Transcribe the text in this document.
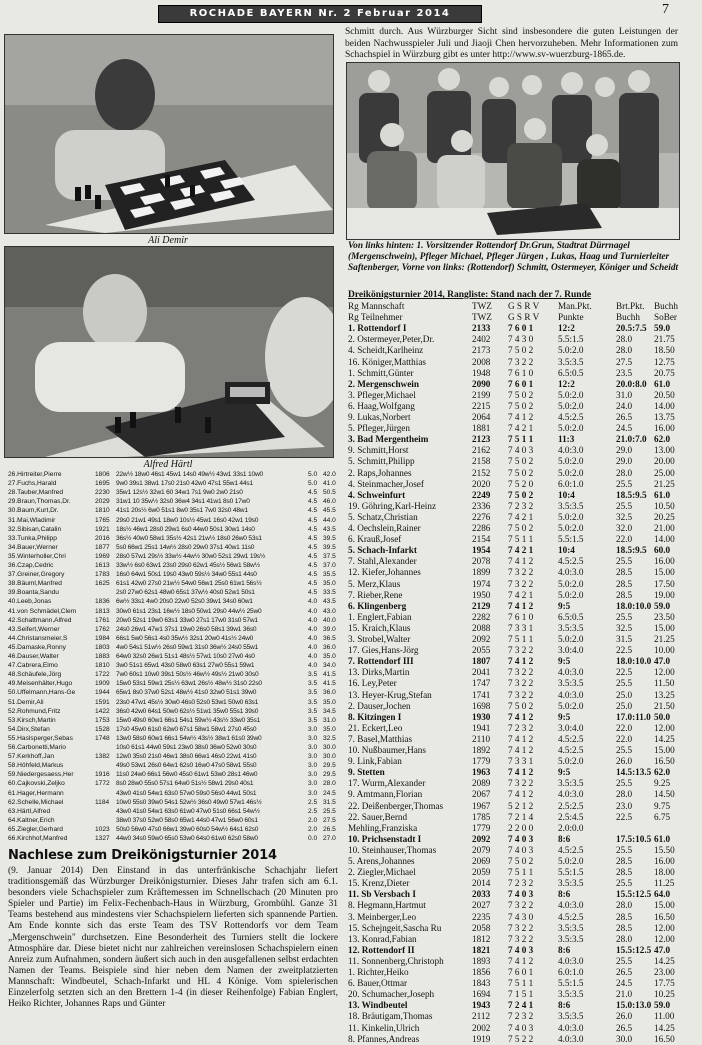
ROCHADE BAYERN Nr. 2 Februar 2014	7
Ali Demir
Alfred Härtl
Schmitt durch. Aus Würzburger Sicht sind insbesondere die guten Leistungen der beiden Nachwusspieler Juli und Jiaoji Chen hervorzuheben. Mehr Informationen zum Schachspiel in Würzburg gibt es unter http://www.sv-wuerzburg-1865.de.
Von links hinten: 1. Vorsitzender Rottendorf Dr.Grun, Stadtrat Dürrnagel (Mergenschwein), Pfleger Michael, Pfleger Jürgen , Lukas, Haag und Turnierleiter Saftenberger, Vorne von links: (Rottendorf) Schmitt, Ostermeyer, Königer und Scheidt
Dreikönigsturnier 2014, Rangliste: Stand nach der 7. Runde
Rg Mannschaft	TWZ G S R V Man.Pkt.	Brt.Pkt. Buchh
Rg Teilnehmer	TWZ G S R V Punkte	Buchh SoBer
1. Rottendorf I	2133 7 6 0 1	12:2	20.5:7.5 59.0
2. Ostermeyer,Peter,Dr.	2402 7 4 3 0	5.5:1.5	28.0 21.75
4. Scheidt,Karlheinz	2173 7 5 0 2	5.0:2.0	28.0 18.50
16. Königer,Matthias	2008 7 3 2 2	3.5:3.5	27.5 12.75
1. Schmitt,Günter	1948 7 6 1 0	6.5:0.5	23.5 20.75
2. Mergenschwein	2090 7 6 0 1	12:2	20.0:8.0 61.0
3. Pfleger,Michael	2199 7 5 0 2	5.0:2.0	31.0 20.50
6. Haag,Wolfgang	2215 7 5 0 2	5.0:2.0	24.0 14.00
9. Lukas,Norbert	2064 7 4 1 2	4.5:2.5	26.5 13.75
5. Pfleger,Jürgen	1881 7 4 2 1	5.0:2.0	24.5 16.00
3. Bad Mergentheim	2123 7 5 1 1	11:3	21.0:7.0 62.0
9. Schmitt,Horst	2162 7 4 0 3	4.0:3.0	29.0 13.00
5. Schmitt,Philipp	2158 7 5 0 2	5.0:2.0	29.0 20.00
2. Raps,Johannes	2152 7 5 0 2	5.0:2.0	28.0 25.00
4. Steinmacher,Josef	2020 7 5 2 0	6.0:1.0	25.5 21.25
4. Schweinfurt	2249 7 5 0 2	10:4	18.5:9.5 61.0
19. Göhring,Karl-Heinz	2336 7 2 3 2	3.5:3.5	25.5 10.50
5. Schatz,Christian	2276 7 4 2 1	5.0:2.0	32.5 20.25
4. Oechslein,Rainer	2286 7 5 0 2	5.0:2.0	32.0 21.00
6. Krauß,Josef	2154 7 5 1 1	5.5:1.5	22.0 14.00
5. Schach-Infarkt	1954 7 4 2 1	10:4	18.5:9.5 60.0
7. Stahl,Alexander	2078 7 4 1 2	4.5:2.5	25.5 16.00
12. Kiefer,Johannes	1899 7 3 2 2	4.0:3.0	28.5 15.00
5. Merz,Klaus	1974 7 3 2 2	5.0:2.0	28.5 17.50
7. Rieber,Rene	1950 7 4 2 1	5.0:2.0	28.5 19.00
6. Klingenberg	2129 7 4 1 2	9:5	18.0:10.0 59.0
1. Englert,Fabian	2282 7 6 1 0	6.5:0.5	25.5 23.50
15. Kraich,Klaus	2088 7 3 3 1	3.5:3.5	32.5 15.00
3. Strobel,Walter	2092 7 5 1 1	5.0:2.0	31.5 21.25
17. Gies,Hans-Jörg	2055 7 3 2 2	3.0:4.0	22.5 10.00
7. Rottendorf III	1807 7 4 1 2	9:5	18.0:10.0 47.0
13. Dirks,Martin	2041 7 3 2 2	4.0:3.0	22.5 12.00
16. Ley,Peter	1747 7 3 2 2	3.5:3.5	25.5 11.50
13. Heyer-Krug,Stefan	1741 7 3 2 2	4.0:3.0	25.0 13.25
2. Dauser,Jochen	1698 7 5 0 2	5.0:2.0	25.0 21.50
8. Kitzingen I	1930 7 4 1 2	9:5	17.0:11.0 50.0
21. Eckert,Leo	1941 7 2 3 2	3.0:4.0	22.0 12.00
7. Basel,Matthias	2110 7 4 1 2	4.5:2.5	22.0 14.25
10. Nußbaumer,Hans	1892 7 4 1 2	4.5:2.5	25.5 15.00
9. Link,Fabian	1779 7 3 3 1	5.0:2.0	26.0 16.50
9. Stetten	1963 7 4 1 2	9:5	14.5:13.5 62.0
17. Wurm,Alexander	2089 7 3 2 2	3.5:3.5	25.5 9.25
9. Amtmann,Florian	2067 7 4 1 2	4.0:3.0	28.0 14.50
22. Deißenberger,Thomas	1967 5 2 1 2	2.5:2.5	23.0 9.75
22. Sauer,Bernd	1785 7 2 1 4	2.5:4.5	22.5 6.75
Mehling,Franziska	1779 2 2 0 0	2.0:0.0
10. Prichsenstadt I	2092 7 4 0 3	8:6	17.5:10.5 61.0
10. Steinhauser,Thomas	2079 7 4 0 3	4.5:2.5	25.5 15.50
5. Arens,Johannes	2069 7 5 0 2	5.0:2.0	28.5 16.00
2. Ziegler,Michael	2059 7 5 1 1	5.5:1.5	28.5 18.00
15. Krenz,Dieter	2014 7 2 3 2	3.5:3.5	25.5 11.25
11. Sb Versbach I	2033 7 4 0 3	8:6	15.5:12.5 64.0
8. Hegmann,Hartmut	2027 7 3 2 2	4.0:3.0	28.0 15.00
3. Meinberger,Leo	2235 7 4 3 0	4.5:2.5	28.5 16.50
15. Schejngeit,Sascha Ru	2058 7 3 2 2	3.5:3.5	28.5 12.00
13. Konrad,Fabian	1812 7 3 2 2	3.5:3.5	28.0 12.00
12. Rottendorf II	1821 7 4 0 3	8:6	15.5:12.5 47.0
11. Sonnenberg,Christoph	1893 7 4 1 2	4.0:3.0	25.5 14.25
1. Richter,Heiko	1856 7 6 0 1	6.0:1.0	26.5 23.00
6. Bauer,Ottmar	1843 7 5 1 1	5.5:1.5	24.5 17.75
20. Schumacher,Joseph	1694 7 1 5 1	3.5:3.5	21.0 10.25
13. Windbeutel	1943 7 2 4 1	8:6	15.0:13.0 59.0
18. Bräutigam,Thomas	2112 7 2 3 2	3.5:3.5	26.0 11.00
11. Kinkelin,Ulrich	2002 7 4 0 3	4.0:3.0	26.5 14.25
8. Pfannes,Andreas	1919 7 5 2 2	4.0:3.0	30.0 16.50
26.Hirtreiter,Pierre	1806 22w½ 18w0 46s1 45w1 14s0 49w½ 43w1 33s1 10w0	5.0 42.0
27.Fuchs,Harald	1695 9w0 39s1 38w1 17s0 21s0 42w0 47s1 55w1 44s1	5.0 41.0
28.Tauber,Manfred	2230 35w1 12s½ 32w1 60 34w1 7s1 9w0 2w0 21s0	4.5 50.5
29.Braun,Thomas,Dr.	2029 31w1 10 35w½ 32s0 36w4 34s1 41w1 8s0 17w0	4.5 46.0
30.Baum,Kurt,Dr.	1810 41s1 20s½ 6w0 51s1 8w0 35s1 7w0 32s0 48w1	4.5 45.5
31.Mai,Wladimir	1765 29s0 21w1 49s1 18w0 10s½ 45w1 16s0 42w1 19s0	4.5 44.0
32.Sibisan,Catalin	1921 18s½ 46w1 28s0 29w1 6s0 44w0 50s1 30w1 14s0	4.5 43.5
33.Tunka,Philipp	2016 36s½ 40w0 58w1 35s½ 42s1 21w½ 18s0 26w0 53s1	4.5 39.5
34.Bauer,Werner	1877 5s0 66w1 25s1 14w½ 28s0 29w0 37s1 40w1 11s0	4.5 39.5
35.Winterholler,Chri	1969 28s0 57w1 29s½ 33w½ 44w½ 30w0 52s1 29w1 19s½	4.5 37.5
36.Czap,Cedric	1613 33w½ 6s0 63w1 23s0 29s0 62w1 45s½ 56w1 58w½	4.5 37.0
37.Greiner,Gregory	1783 16s0 64w1 50s1 19s0 43w0 59s½ 34w0 55s1 44s0	4.5 35.5
38.Bäuml,Manfred	1625 61s1 42w0 27s0 21w½ 54w0 56w1 25s0 61w1 56s½	4.5 35.0
39.Boanta,Sandu	2s0 27w0 62s1 48w0 65s1 37w½ 40s0 52w1 50s1	4.5 33.5
40.Leeb,Jonas	1836 6w½ 33s1 4w0 20s0 22w0 52s0 39w1 34s0 60w1	4.0 43.5
41.von Schmädel,Clem	1813 30w0 61s1 23s1 16w½ 18s0 50w1 29s0 44w½ 25w0	4.0 43.0
42.Schattmann,Alfred	1761 20w0 52s1 19w0 63s1 33w0 27s1 17w0 31s0 57w1	4.0 40.0
43.Seifert,Werner	1762 24s0 26w1 47w1 37s1 19w0 26s0 58s1 39w1 36s0	4.0 39.0
44.Christansmeier,S	1984 66s1 5w0 56s1 4s0 35w½ 32s1 20w0 41s½ 24w0	4.0 36.5
45.Damaske,Ronny	1803 4w0 54s1 51w½ 26s0 59w1 31s0 36w½ 24s0 55w1	4.0 36.0
46.Dauser,Walter	1883 64w0 32s0 26w1 51s1 48s½ 57w1 10s0 27w0 4s0	4.0 35.0
47.Cabrera,Elmo	1810 3w0 51s1 65w1 43s0 58w0 63s1 27w0 55s1 59w1	4.0 34.0
48.Schäufele,Jörg	1722 7w0 60s1 10w0 39s1 50s½ 46w½ 49s½ 21w0 30s0	3.5 41.5
49.Meisenhälter,Hugo	1909 15w0 53s1 59w1 25s½ 63w1 26s½ 48w½ 31s0 22s0	3.5 41.5
50.Uffelmann,Hans-Ge	1944 65w1 8s0 37w0 52s1 48w½ 41s0 32w0 51s1 39w0	3.5 36.0
51.Demir,Ali	1591 23s0 47w1 45s½ 30w0 46s0 52s0 53w1 50w0 63s1	3.5 35.0
52.Rohmund,Fritz	1422 36s0 42w0 64s1 50w0 62s½ 51w1 35w0 55s1 39s0	3.5 34.5
53.Kirsch,Martin	1753 15w0 49s0 60w1 66s1 54s1 59w½ 43s½ 33w0 35s1	3.5 31.0
54.Dirx,Stefan	1528 17s0 45w0 61s0 62w0 67s1 58w1 58w1 27s0 45s0	3.0 35.0
55.Haslsperger,Sebas	1748 13w0 58s0 60w1 66s1 54w½ 43s½ 38w1 61s0 39w0	3.0 32.5
56.Carbonetti,Mario	10s0 61s1 44w0 59s1 23w0 38s0 36w0 52w0 30s0	3.0 30.0
57.Kerkhoff,Jan	1382 12w0 35s0 21s0 46w1 38s0 66w1 46s0 22w1 41s0	3.0 30.0
58.Höhfeld,Markus	49s0 53w1 26s0 64w1 62s0 16w0 47s0 58w1 55s0	3.0 29.5
59.Niedergesaess,Her	1916 11s0 24w0 66s1 56w0 45s0 61w1 53w0 28s1 46w0	3.0 29.5
60.Cajkovski,Zeljko	1772 8s0 28w0 55s0 57s1 64w0 51s½ 58w1 29s0 40s1	3.0 28.0
61.Hager,Hermann	43w0 41s0 54w1 63s0 57w0 59s0 56s0 44w1 50s1	3.0 24.5
62.Schelle,Michael	1184 10w0 55s0 39w0 54s1 52w½ 36s0 49w0 57w1 46s½	2.5 31.5
63.Härtl,Alfred	43w0 41s0 54w1 63s0 61w0 47w0 51s0 66s1 54w½	2.5 25.5
64.Kaltner,Erich	38w0 37s0 52w0 58s0 65w1 44s0 47w1 56w0 60s1	2.0 27.5
65.Ziegler,Gerhard	1023 50s0 56w0 47s0 66w1 39w0 60s0 54w½ 64s1 62s0	2.0 26.5
66.Kirchhof,Manfred	1327 44w0 34s0 59w0 65s0 53w0 64s0 61w0 62s0 58w0	0.0 27.0
Nachlese zum Dreikönigsturnier 2014
(9. Januar 2014) Den Einstand in das unterfränkische Schachjahr liefert traditionsgemäß das Würzburger Dreikönigsturnier. Dieses Jahr trafen sich am 6.1. besonders viele Schachspieler zum Kräftemessen im Schnellschach (20 Minuten pro Spieler und Partie) im Felix-Fechenbach-Haus in Würzburg, Grombühl. Ganze 31 Teams bestehend aus mindestens vier Schachspielern lieferten sich spannende Partien. Am Ende konnte sich das erste Team des TSV Rottendorfs vor dem Team „Mergenschwein" durchsetzen. Eine Besonderheit des Turniers stellt die lockere Atmosphäre dar. Diese bietet nicht nur zahlreichen vereinslosen Schachspielern einen Anreiz zum Aufnahmen, sondern äußert sich auch in den ausgefallenen selbst erdachten Namen der Teams. Beispiele sind hier neben dem Namen der zweitplatzierten Mannschaft: Windbeutel, Schach-Infarkt und HL 4 Könige. Vom spielerischen Einzelerfolg setzten sich an den Brettern 1-4 (in dieser Reihenfolge) Fabian Englert, Heiko Richter, Johannes Raps und Günter
